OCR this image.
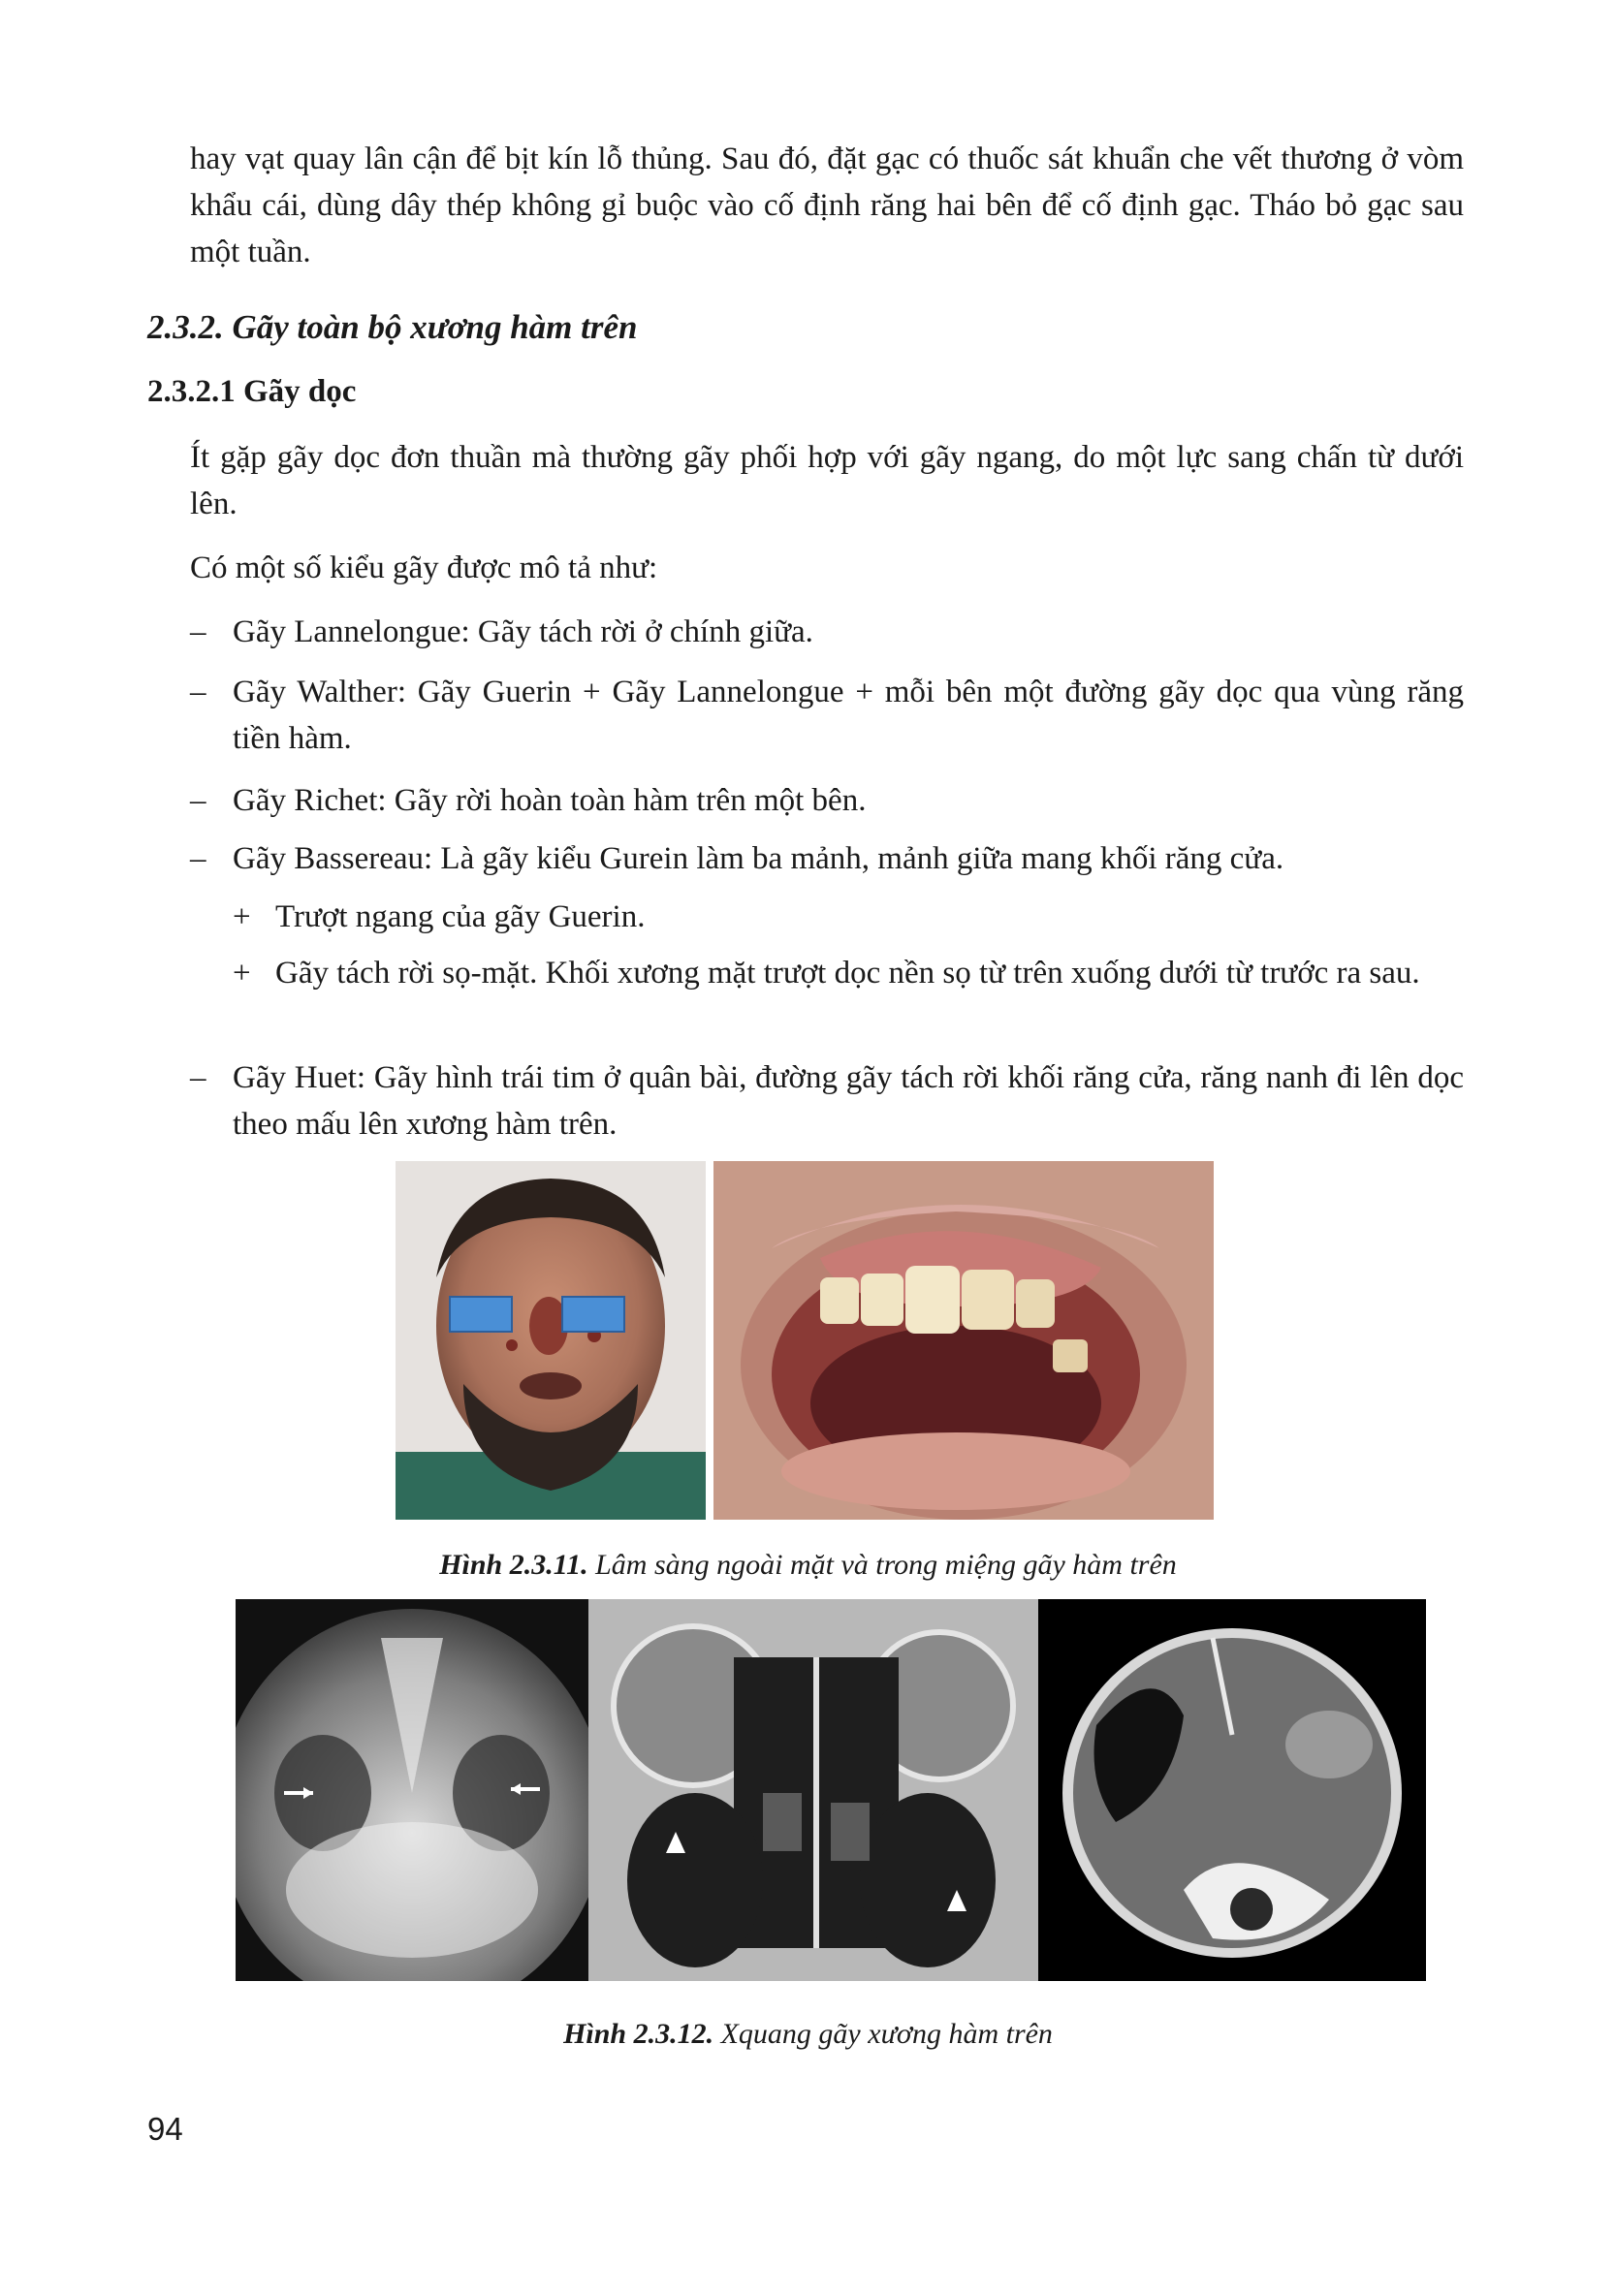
hay vạt quay lân cận để bịt kín lỗ thủng. Sau đó, đặt gạc có thuốc sát khuẩn che vết thương ở vòm khẩu cái, dùng dây thép không gỉ buộc vào cố định răng hai bên để cố định gạc. Tháo bỏ gạc sau một tuần.

2.3.2. Gãy toàn bộ xương hàm trên

2.3.2.1 Gãy dọc

Ít gặp gãy dọc đơn thuần mà thường gãy phối hợp với gãy ngang, do một lực sang chấn từ dưới lên.

Có một số kiểu gãy được mô tả như:

– Gãy Lannelongue: Gãy tách rời ở chính giữa.
– Gãy Walther: Gãy Guerin + Gãy Lannelongue + mỗi bên một đường gãy dọc qua vùng răng tiền hàm.
– Gãy Richet: Gãy rời hoàn toàn hàm trên một bên.
– Gãy Bassereau: Là gãy kiểu Gurein làm ba mảnh, mảnh giữa mang khối răng cửa.
+ Trượt ngang của gãy Guerin.
+ Gãy tách rời sọ-mặt. Khối xương mặt trượt dọc nền sọ từ trên xuống dưới từ trước ra sau.
– Gãy Huet: Gãy hình trái tim ở quân bài, đường gãy tách rời khối răng cửa, răng nanh đi lên dọc theo mấu lên xương hàm trên.

Hình 2.3.11. Lâm sàng ngoài mặt và trong miệng gãy hàm trên

Hình 2.3.12. Xquang gãy xương hàm trên

94
